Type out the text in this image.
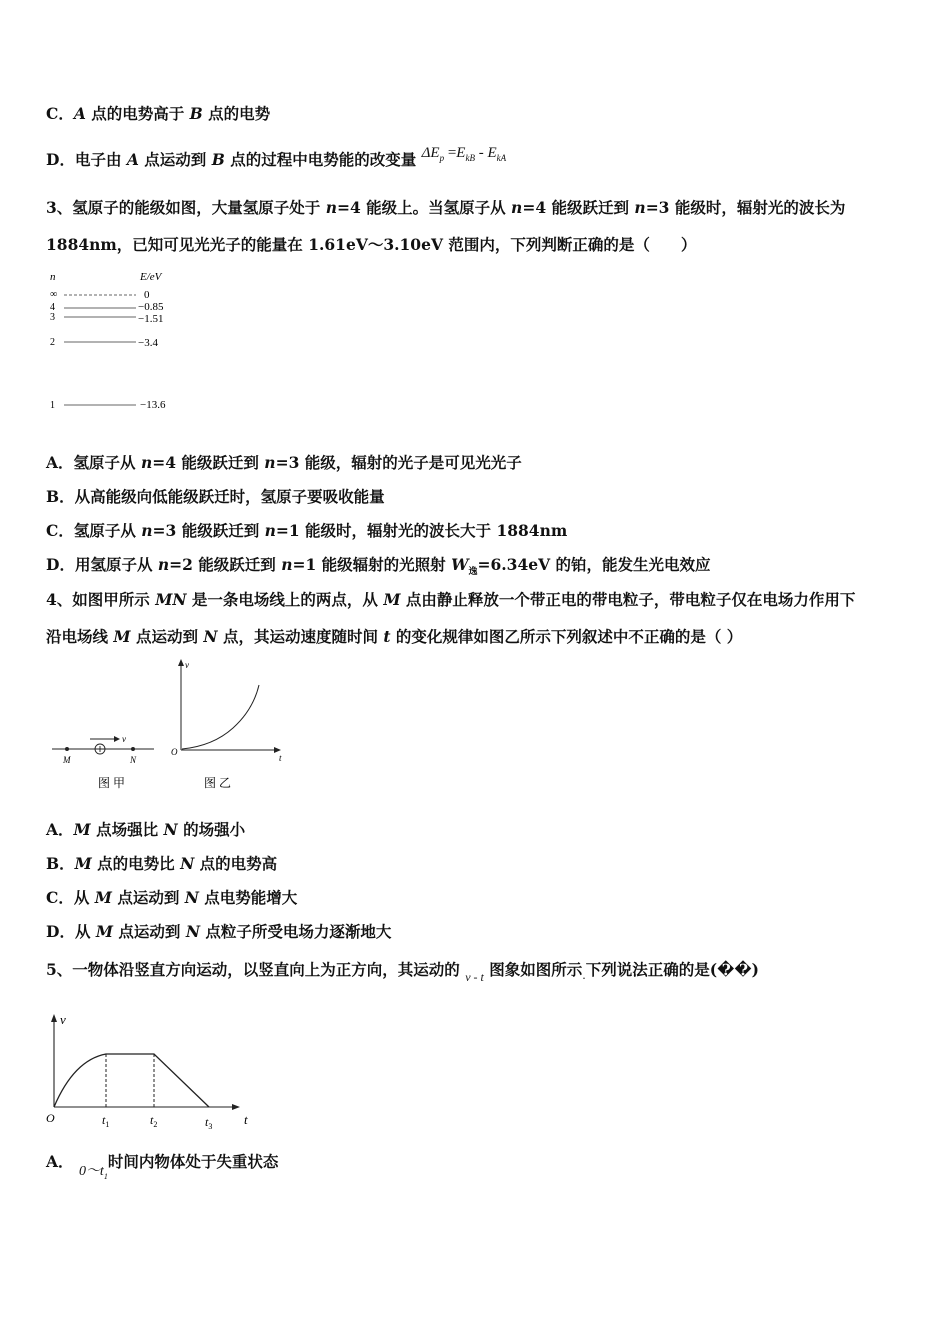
C．A 点的电势高于 B 点的电势
D．电子由 A 点运动到 B 点的过程中电势能的改变量 $\Delta E_p =E_{kB} - E_{kA}$
3、氢原子的能级如图，大量氢原子处于 n=4 能级上。当氢原子从 n=4 能级跃迁到 n=3 能级时，辐射光的波长为
1884nm，已知可见光光子的能量在 1.61eV～3.10eV 范围内，下列判断正确的是（　　）
n	E/eV
∞	0
4	−0.85
3	−1.51
2	−3.4
1	−13.6
A．氢原子从 n=4 能级跃迁到 n=3 能级，辐射的光子是可见光光子
B．从高能级向低能级跃迁时，氢原子要吸收能量
C．氢原子从 n=3 能级跃迁到 n=1 能级时，辐射光的波长大于 1884nm
D．用氢原子从 n=2 能级跃迁到 n=1 能级辐射的光照射 $W_逸=6.34eV$ 的铂，能发生光电效应
4、如图甲所示 MN 是一条电场线上的两点，从 M 点由静止释放一个带正电的带电粒子，带电粒子仅在电场力作用下
沿电场线 M 点运动到 N 点，其运动速度随时间 t 的变化规律如图乙所示下列叙述中不正确的是（ ）
v
M	N
图 甲
v
O
t
图 乙
A．M 点场强比 N 的场强小
B．M 点的电势比 N 点的电势高
C．从 M 点运动到 N 点电势能增大
D．从 M 点运动到 N 点粒子所受电场力逐渐地大
5、一物体沿竖直方向运动，以竖直向上为正方向，其运动的 $_{v - t}$ 图象如图所示$_.$下列说法正确的是(��)
v
O	t
$t_1$	$t_2$	$t_3$
A． $0\sim t_1$时间内物体处于失重状态
